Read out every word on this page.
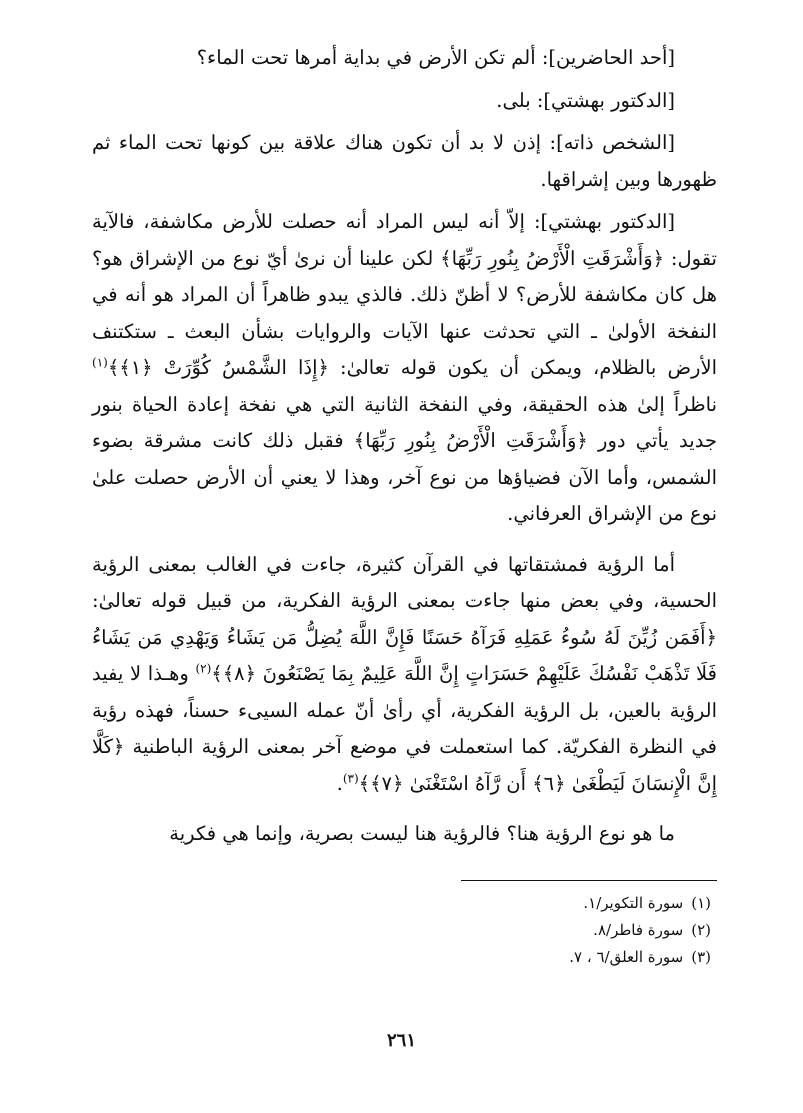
[أحد الحاضرين]: ألم تكن الأرض في بداية أمرها تحت الماء؟

[الدكتور بهشتي]: بلى.

[الشخص ذاته]: إذن لا بد أن تكون هناك علاقة بين كونها تحت الماء ثم ظهورها وبين إشراقها.

[الدكتور بهشتي]: إلاّ أنه ليس المراد أنه حصلت للأرض مكاشفة، فالآية تقول: ﴿وَأَشْرَقَتِ الْأَرْضُ بِنُورِ رَبِّهَا﴾ لكن علينا أن نرىٰ أيّ نوع من الإشراق هو؟ هل كان مكاشفة للأرض؟ لا أظنّ ذلك. فالذي يبدو ظاهراً أن المراد هو أنه في النفخة الأولىٰ ـ التي تحدثت عنها الآيات والروايات بشأن البعث ـ ستكتنف الأرض بالظلام، ويمكن أن يكون قوله تعالىٰ: ﴿إِذَا الشَّمْسُ كُوِّرَتْ ﴿١﴾﴾$^{(١)}$ ناظراً إلىٰ هذه الحقيقة، وفي النفخة الثانية التي هي نفخة إعادة الحياة بنور جديد يأتي دور ﴿وَأَشْرَقَتِ الْأَرْضُ بِنُورِ رَبِّهَا﴾ فقبل ذلك كانت مشرقة بضوء الشمس، وأما الآن فضياؤها من نوع آخر، وهذا لا يعني أن الأرض حصلت علىٰ نوع من الإشراق العرفاني.

أما الرؤية فمشتقاتها في القرآن كثيرة، جاءت في الغالب بمعنى الرؤية الحسية، وفي بعض منها جاءت بمعنى الرؤية الفكرية، من قبيل قوله تعالىٰ: ﴿أَفَمَن زُيِّنَ لَهُ سُوءُ عَمَلِهِ فَرَآهُ حَسَنًا فَإِنَّ اللَّهَ يُضِلُّ مَن يَشَاءُ وَيَهْدِي مَن يَشَاءُ فَلَا تَذْهَبْ نَفْسُكَ عَلَيْهِمْ حَسَرَاتٍ إِنَّ اللَّهَ عَلِيمٌ بِمَا يَصْنَعُونَ ﴿٨﴾﴾$^{(٢)}$ وهـذا لا يفيد الرؤية بالعين، بل الرؤية الفكرية، أي رأىٰ أنّ عمله السيىء حسناً، فهذه رؤية في النظرة الفكريّة. كما استعملت في موضع آخر بمعنى الرؤية الباطنية ﴿كَلَّا إِنَّ الْإِنسَانَ لَيَطْغَىٰ ﴿٦﴾ أَن رَّآهُ اسْتَغْنَىٰ ﴿٧﴾﴾$^{(٣)}$.

ما هو نوع الرؤية هنا؟ فالرؤية هنا ليست بصرية، وإنما هي فكرية

(١)سورة التكوير/١.

(٢)سورة فاطر/٨.

(٣)سورة العلق/٦ ، ٧.

٢٦١
